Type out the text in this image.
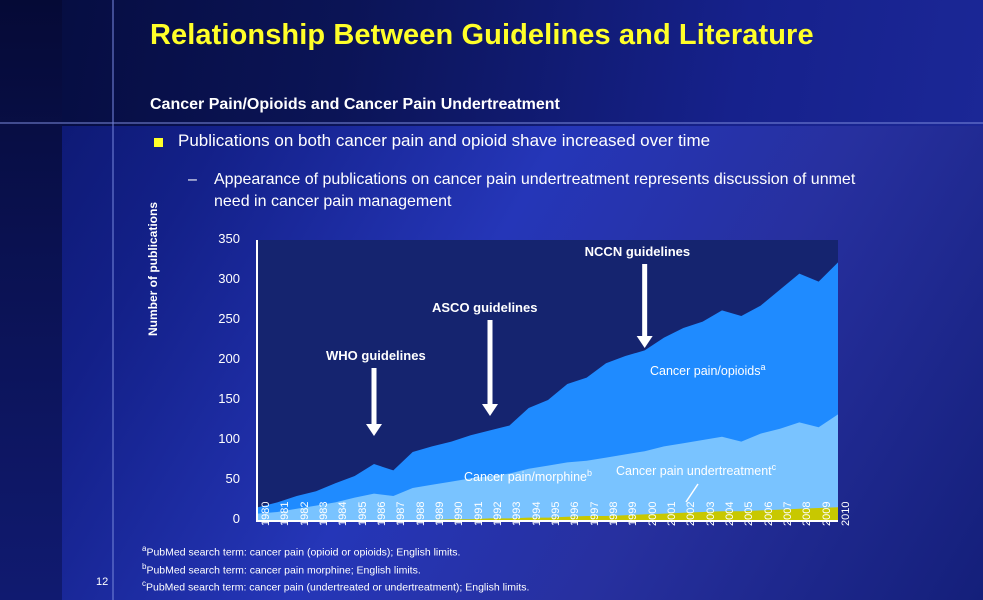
Relationship Between Guidelines and Literature
Cancer Pain/Opioids and Cancer Pain Undertreatment
Publications on both cancer pain and opioid shave increased over time
– Appearance of publications on cancer pain undertreatment represents discussion of unmet need in cancer pain management
Number of publications
0
50
100
150
200
250
300
350
WHO guidelines
ASCO guidelines
NCCN guidelines
Cancer pain/opioids$^a$
Cancer pain/morphine$^b$ Cancer pain undertreatment$^c$
1980 1981 1982 1983 1984 1985 1986 1987 1988 1989 1990 1991 1992 1993 1994 1995 1996 1997 1998 1999 2000 2001 2002 2003 2004 2005 2006 2007 2008 2009 2010
$^a$PubMed search term: cancer pain (opioid or opioids); English limits.
$^b$PubMed search term: cancer pain morphine; English limits.
$^c$PubMed search term: cancer pain (undertreated or undertreatment); English limits.
12
